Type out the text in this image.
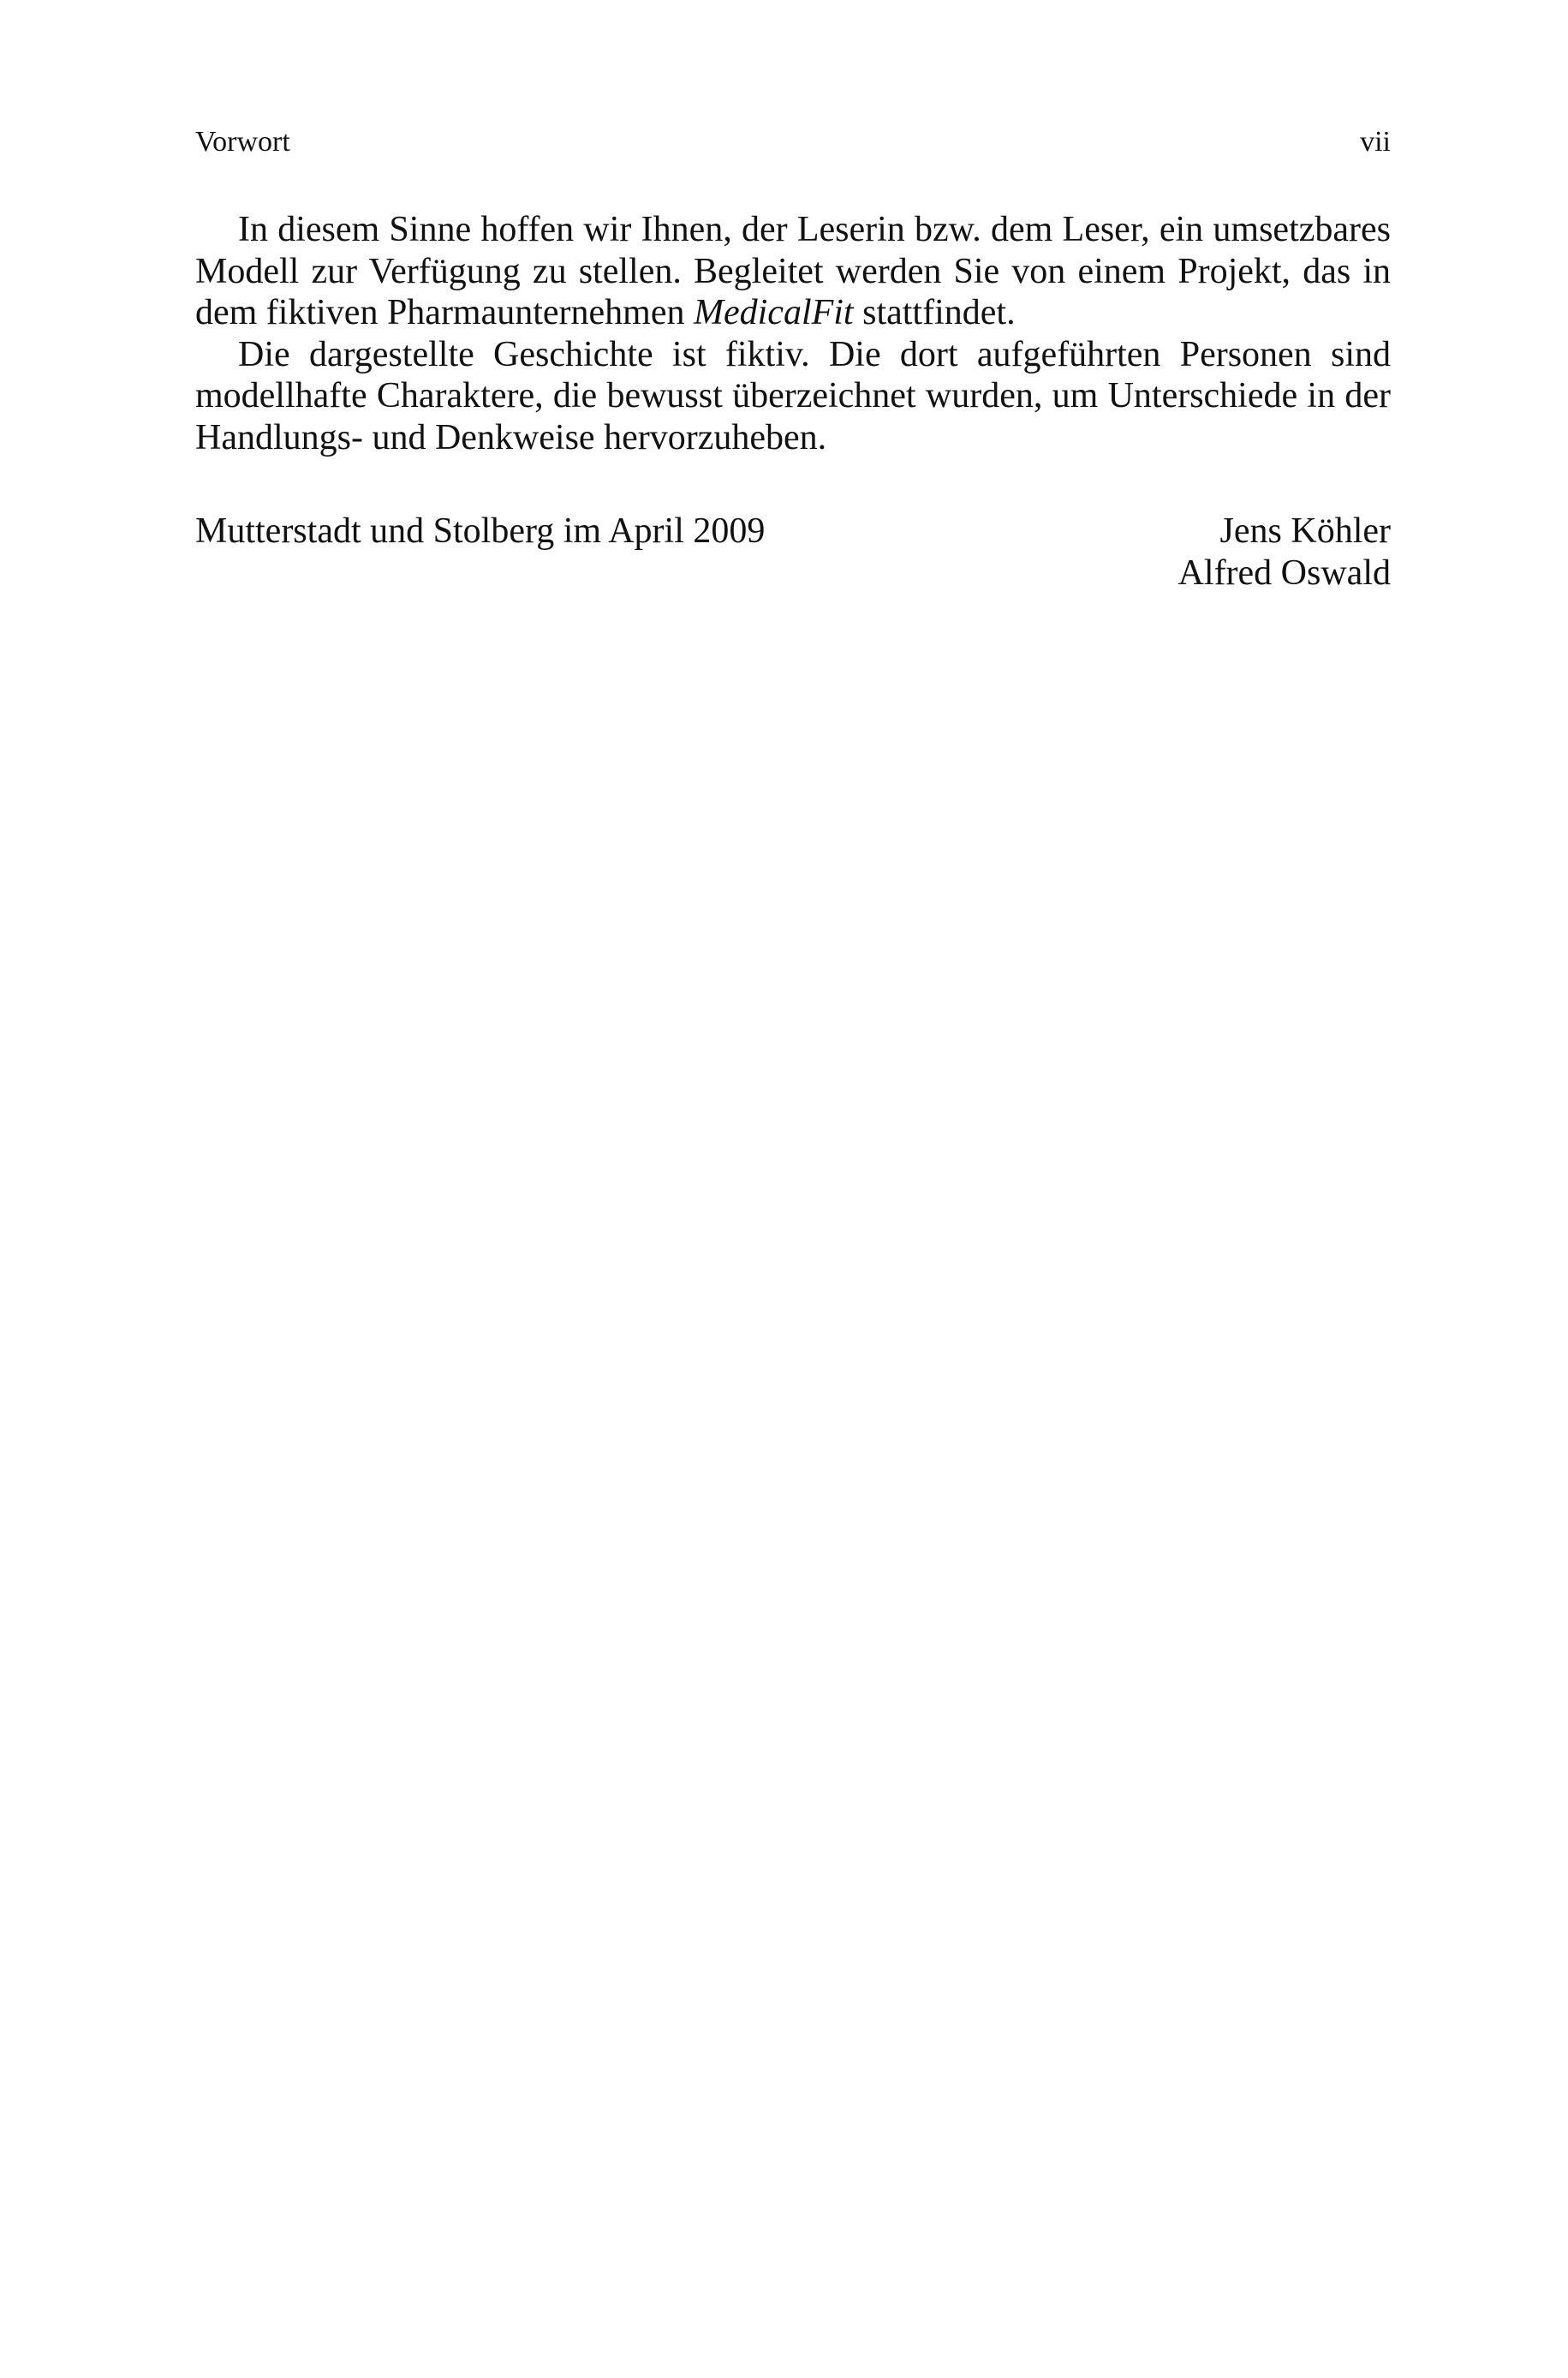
Vorwort	vii

In diesem Sinne hoffen wir Ihnen, der Leserin bzw. dem Leser, ein umsetzbares Modell zur Verfügung zu stellen. Begleitet werden Sie von einem Projekt, das in dem fiktiven Pharmaunternehmen MedicalFit stattfindet.

Die dargestellte Geschichte ist fiktiv. Die dort aufgeführten Personen sind modellhafte Charaktere, die bewusst überzeichnet wurden, um Unterschiede in der Handlungs- und Denkweise hervorzuheben.

Mutterstadt und Stolberg im April 2009	Jens Köhler
Alfred Oswald
